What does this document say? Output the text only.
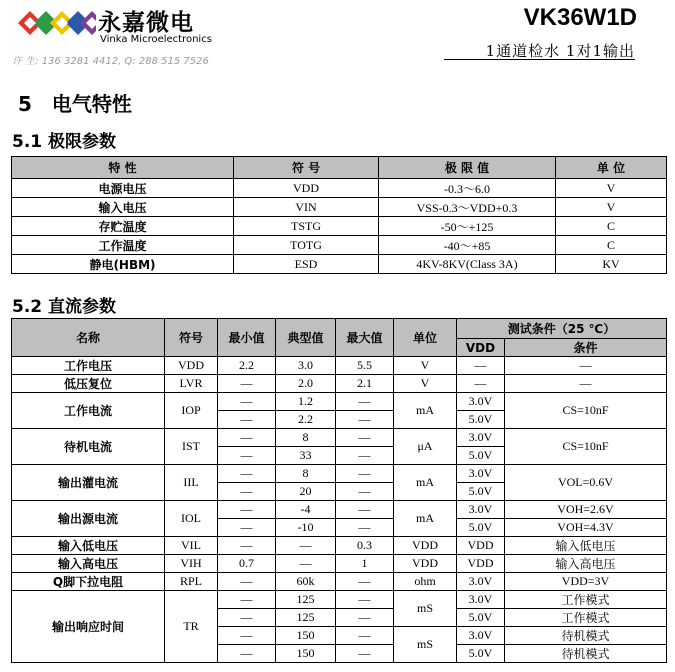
永嘉微电
Vinka Microelectronics
VK36W1D
1通道检水 1对1输出
许 生: 136 3281 4412, Q: 288 515 7526
5 电气特性
5.1 极限参数
特 性	符 号	极 限 值	单 位
电源电压	VDD	-0.3～6.0	V
输入电压	VIN	VSS-0.3～VDD+0.3	V
存贮温度	TSTG	-50～+125	C
工作温度	TOTG	-40～+85	C
静电(HBM)	ESD	4KV-8KV(Class 3A)	KV
5.2 直流参数
名称	符号	最小值	典型值	最大值	单位	测试条件（25 ℃）	
						VDD	条件
工作电压	VDD	2.2	3.0	5.5	V	—	—
低压复位	LVR	—	2.0	2.1	V	—	—
工作电流	IOP	—	1.2	—	mA	3.0V	CS=10nF
		—	2.2	—		5.0V	
待机电流	IST	—	8	—	μA	3.0V	CS=10nF
		—	33	—		5.0V	
输出灌电流	IIL	—	8	—	mA	3.0V	VOL=0.6V
		—	20	—		5.0V	
输出源电流	IOL	—	-4	—	mA	3.0V	VOH=2.6V
		—	-10	—		5.0V	VOH=4.3V
输入低电压	VIL	—	—	0.3	VDD	VDD	输入低电压
输入高电压	VIH	0.7	—	1	VDD	VDD	输入高电压
Q脚下拉电阻	RPL	—	60k	—	ohm	3.0V	VDD=3V
输出响应时间	TR	—	125	—	mS	3.0V	工作模式
		—	125	—		5.0V	工作模式
		—	150	—	mS	3.0V	待机模式
		—	150	—		5.0V	待机模式
